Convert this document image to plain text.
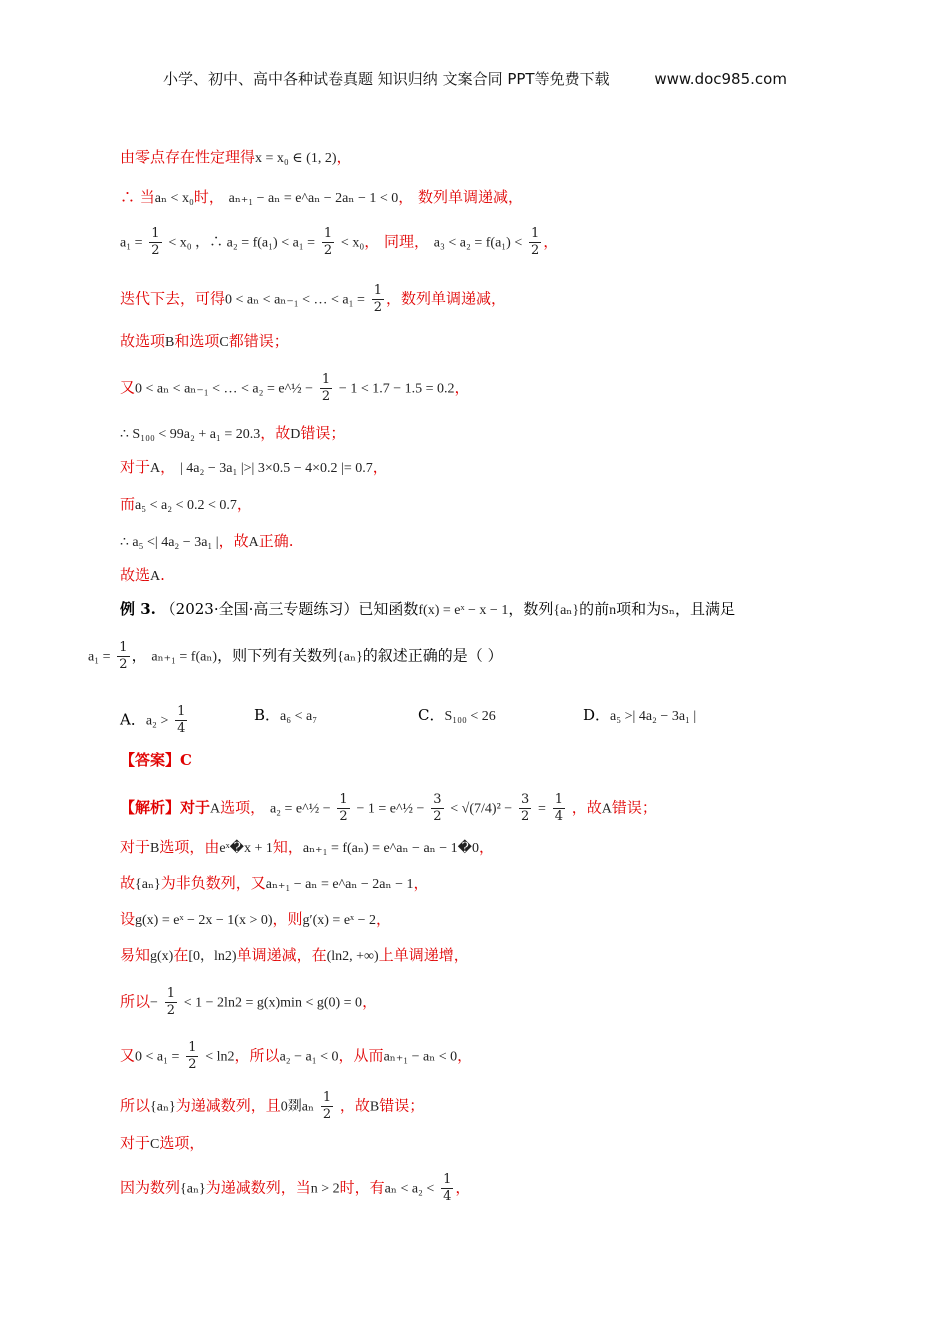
小学、初中、高中各种试卷真题 知识归纳 文案合同 PPT等免费下载	www.doc985.com
由零点存在性定理得x = x₀ ∈ (1, 2)，
∴ 当aₙ < x₀时， aₙ₊₁ − aₙ = e^aₙ − 2aₙ − 1 < 0， 数列单调递减，
$a_1 = \frac{1}{2} < x_0$ ，∴ $a_2 = f(a_1) < a_1 = \frac{1}{2} < x_0$， 同理， $a_3 < a_2 = f(a_1) < \frac{1}{2}$ ，
迭代下去，可得0 < aₙ < aₙ₋₁ < … < $a_1 = \frac{1}{2}$ ，数列单调递减，
故选项B和选项C都错误；
又0 < aₙ < aₙ₋₁ < … < a₂ = e^½ − $\frac{1}{2} - 1 < 1.7 - 1.5 = 0.2$，
∴ S₁₀₀ < 99a₂ + a₁ = 20.3，故D错误；
对于A， | 4a₂ − 3a₁ |>| 3×0.5 − 4×0.2 |= 0.7，
而a₅ < a₂ < 0.2 < 0.7，
∴ a₅ <| 4a₂ − 3a₁ |，故A正确.
故选A.
例 3. （2023·全国·高三专题练习）已知函数f(x) = eˣ − x − 1，数列{aₙ}的前n项和为Sₙ，且满足
$a_1 = \frac{1}{2}$ ， aₙ₊₁ = f(aₙ)，则下列有关数列{aₙ}的叙述正确的是（ ）
A．$a_2 > \frac{1}{4}$	B．a₆ < a₇	C．S₁₀₀ < 26	D．a₅ >| 4a₂ − 3a₁ |
【答案】C
【解析】对于A选项， a₂ = e^½ − $\frac{1}{2} - 1$ = e^½ − $\frac{3}{2} < √(7/4)^2 - \frac{3}{2} = \frac{1}{4}$ ，故A错误；
对于B选项，由eˣ�x + 1知，aₙ₊₁ = f(aₙ) = e^aₙ − aₙ − 1�0，
故{aₙ}为非负数列，又aₙ₊₁ − aₙ = e^aₙ − 2aₙ − 1，
设g(x) = eˣ − 2x − 1(x > 0)，则g′(x) = eˣ − 2，
易知g(x)在[0，ln2)单调递减，在(ln2, +∞)上单调递增，
所以− $\frac{1}{2} < 1 - 2\ln 2 = g(x)\min < g(0) = 0$，
又$0 < a_1 = \frac{1}{2} < \ln 2$，所以a₂ − a₁ < 0，从而aₙ₊₁ − aₙ < 0，
所以{aₙ}为递减数列，且0剟aₙ $\frac{1}{2}$ ，故B错误；
对于C选项，
因为数列{aₙ}为递减数列，当n > 2时，有$a_n < a_2 < \frac{1}{4}$ ，
